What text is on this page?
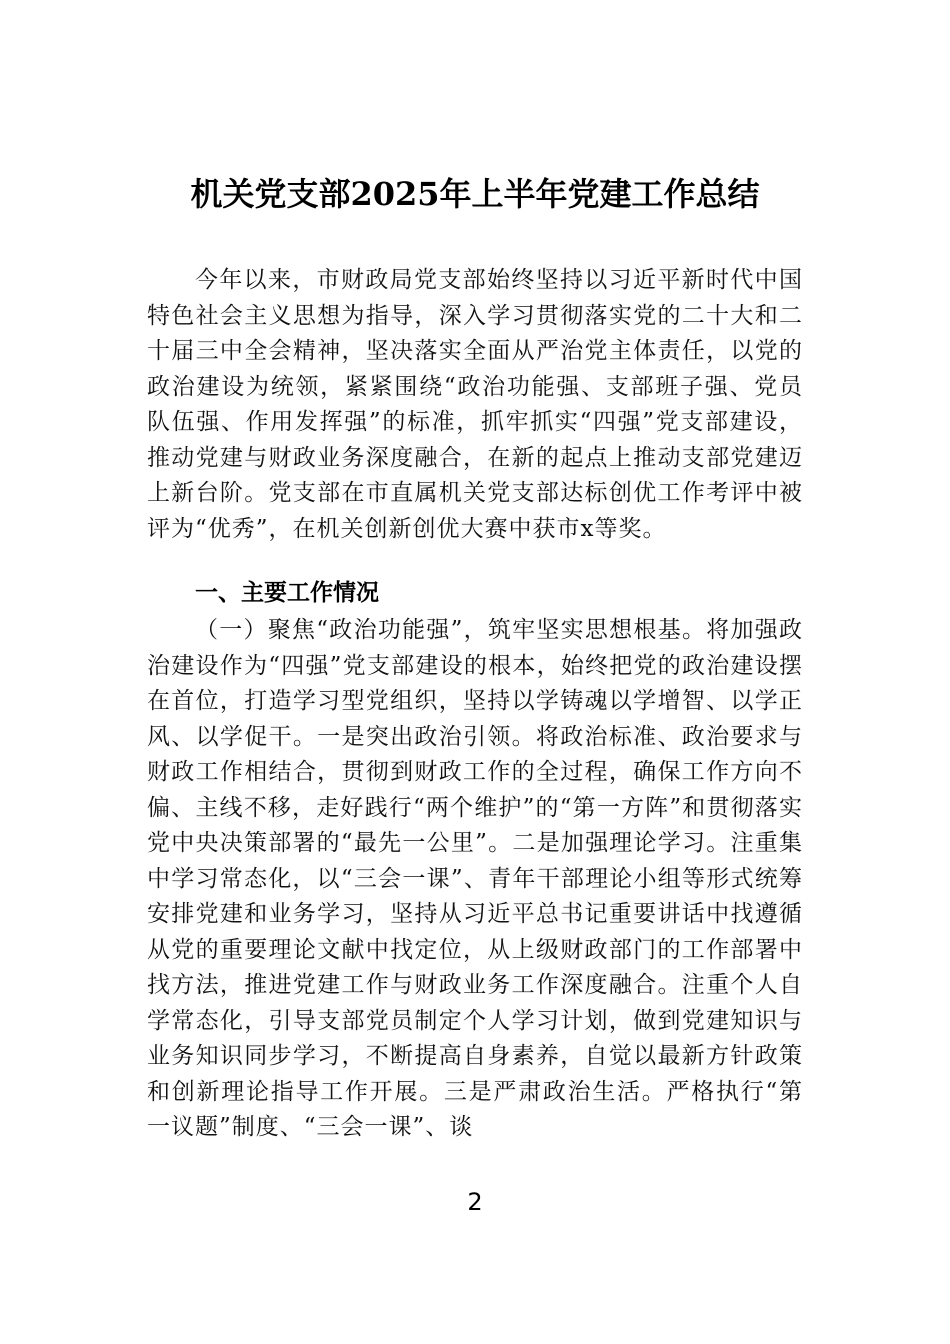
机关党支部2025年上半年党建工作总结

今年以来，市财政局党支部始终坚持以习近平新时代中国特色社会主义思想为指导，深入学习贯彻落实党的二十大和二十届三中全会精神，坚决落实全面从严治党主体责任，以党的政治建设为统领，紧紧围绕“政治功能强、支部班子强、党员队伍强、作用发挥强”的标准，抓牢抓实“四强”党支部建设，推动党建与财政业务深度融合，在新的起点上推动支部党建迈上新台阶。党支部在市直属机关党支部达标创优工作考评中被评为“优秀”，在机关创新创优大赛中获市x等奖。

一、主要工作情况

（一）聚焦“政治功能强”，筑牢坚实思想根基。将加强政治建设作为“四强”党支部建设的根本，始终把党的政治建设摆在首位，打造学习型党组织，坚持以学铸魂以学增智、以学正风、以学促干。一是突出政治引领。将政治标准、政治要求与财政工作相结合，贯彻到财政工作的全过程，确保工作方向不偏、主线不移，走好践行“两个维护”的“第一方阵”和贯彻落实党中央决策部署的“最先一公里”。二是加强理论学习。注重集中学习常态化，以“三会一课”、青年干部理论小组等形式统筹安排党建和业务学习，坚持从习近平总书记重要讲话中找遵循从党的重要理论文献中找定位，从上级财政部门的工作部署中找方法，推进党建工作与财政业务工作深度融合。注重个人自学常态化，引导支部党员制定个人学习计划，做到党建知识与业务知识同步学习，不断提高自身素养，自觉以最新方针政策和创新理论指导工作开展。三是严肃政治生活。严格执行“第一议题”制度、“三会一课”、谈

2
